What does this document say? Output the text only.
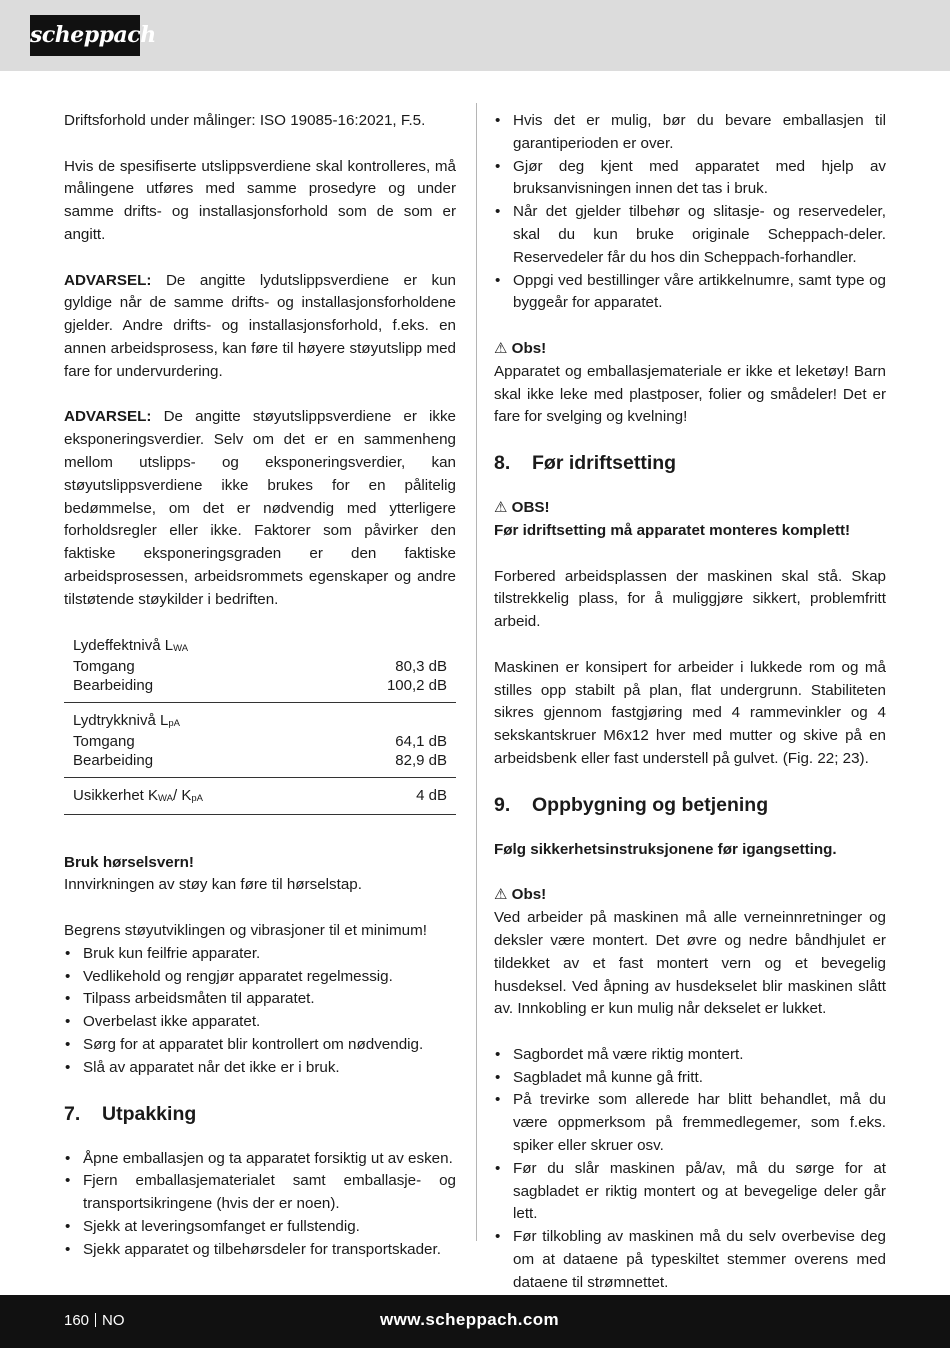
scheppach

Driftsforhold under målinger: ISO 19085-16:2021, F.5.

Hvis de spesifiserte utslippsverdiene skal kontrolleres, må målingene utføres med samme prosedyre og under samme drifts- og installasjonsforhold som de som er angitt.

ADVARSEL: De angitte lydutslippsverdiene er kun gyldige når de samme drifts- og installasjonsforholdene gjelder. Andre drifts- og installasjonsforhold, f.eks. en annen arbeidsprosess, kan føre til høyere støyutslipp med fare for undervurdering.

ADVARSEL: De angitte støyutslippsverdiene er ikke eksponeringsverdier. Selv om det er en sammenheng mellom utslipps- og eksponeringsverdier, kan støyutslippsverdiene ikke brukes for en pålitelig bedømmelse, om det er nødvendig med ytterligere forholdsregler eller ikke. Faktorer som påvirker den faktiske eksponeringsgraden er den faktiske arbeidsprosessen, arbeidsrommets egenskaper og andre tilstøtende støykilder i bedriften.

Lydeffektnivå $L_{WA}$
Tomgang	80,3 dB
Bearbeiding	100,2 dB
Lydtrykknivå $L_{pA}$
Tomgang	64,1 dB
Bearbeiding	82,9 dB
Usikkerhet $K_{WA}/$ $K_{pA}$	4 dB

Bruk hørselsvern!

Innvirkningen av støy kan føre til hørselstap.

Begrens støyutviklingen og vibrasjoner til et minimum!

• Bruk kun feilfrie apparater.
• Vedlikehold og rengjør apparatet regelmessig.
• Tilpass arbeidsmåten til apparatet.
• Overbelast ikke apparatet.
• Sørg for at apparatet blir kontrollert om nødvendig.
• Slå av apparatet når det ikke er i bruk.
7. Utpakking
• Åpne emballasjen og ta apparatet forsiktig ut av esken.
• Fjern emballasjematerialet samt emballasje- og transportsikringene (hvis der er noen).
• Sjekk at leveringsomfanget er fullstendig.
• Sjekk apparatet og tilbehørsdeler for transportskader.
• Hvis det er mulig, bør du bevare emballasjen til garantiperioden er over.
• Gjør deg kjent med apparatet med hjelp av bruksanvisningen innen det tas i bruk.
• Når det gjelder tilbehør og slitasje- og reservedeler, skal du kun bruke originale Scheppach-deler. Reservedeler får du hos din Scheppach-forhandler.
• Oppgi ved bestillinger våre artikkelnumre, samt type og byggeår for apparatet.

⚠ Obs!

Apparatet og emballasjemateriale er ikke et leketøy! Barn skal ikke leke med plastposer, folier og smådeler! Det er fare for svelging og kvelning!

8. Før idriftsetting

⚠ OBS!

Før idriftsetting må apparatet monteres komplett!

Forbered arbeidsplassen der maskinen skal stå. Skap tilstrekkelig plass, for å muliggjøre sikkert, problemfritt arbeid.

Maskinen er konsipert for arbeider i lukkede rom og må stilles opp stabilt på plan, flat undergrunn. Stabiliteten sikres gjennom fastgjøring med 4 rammevinkler og 4 sekskantskruer M6x12 hver med mutter og skive på en arbeidsbenk eller fast understell på gulvet. (Fig. 22; 23).

9. Oppbygning og betjening

Følg sikkerhetsinstruksjonene før igangsetting.

⚠ Obs!

Ved arbeider på maskinen må alle verneinnretninger og deksler være montert. Det øvre og nedre båndhjulet er tildekket av et fast montert vern og et bevegelig husdeksel. Ved åpning av husdekselet blir maskinen slått av. Innkobling er kun mulig når dekselet er lukket.

• Sagbordet må være riktig montert.
• Sagbladet må kunne gå fritt.
• På trevirke som allerede har blitt behandlet, må du være oppmerksom på fremmedlegemer, som f.eks. spiker eller skruer osv.
• Før du slår maskinen på/av, må du sørge for at sagbladet er riktig montert og at bevegelige deler går lett.
• Før tilkobling av maskinen må du selv overbevise deg om at dataene på typeskiltet stemmer overens med dataene til strømnettet.
160 NO	www.scheppach.com
